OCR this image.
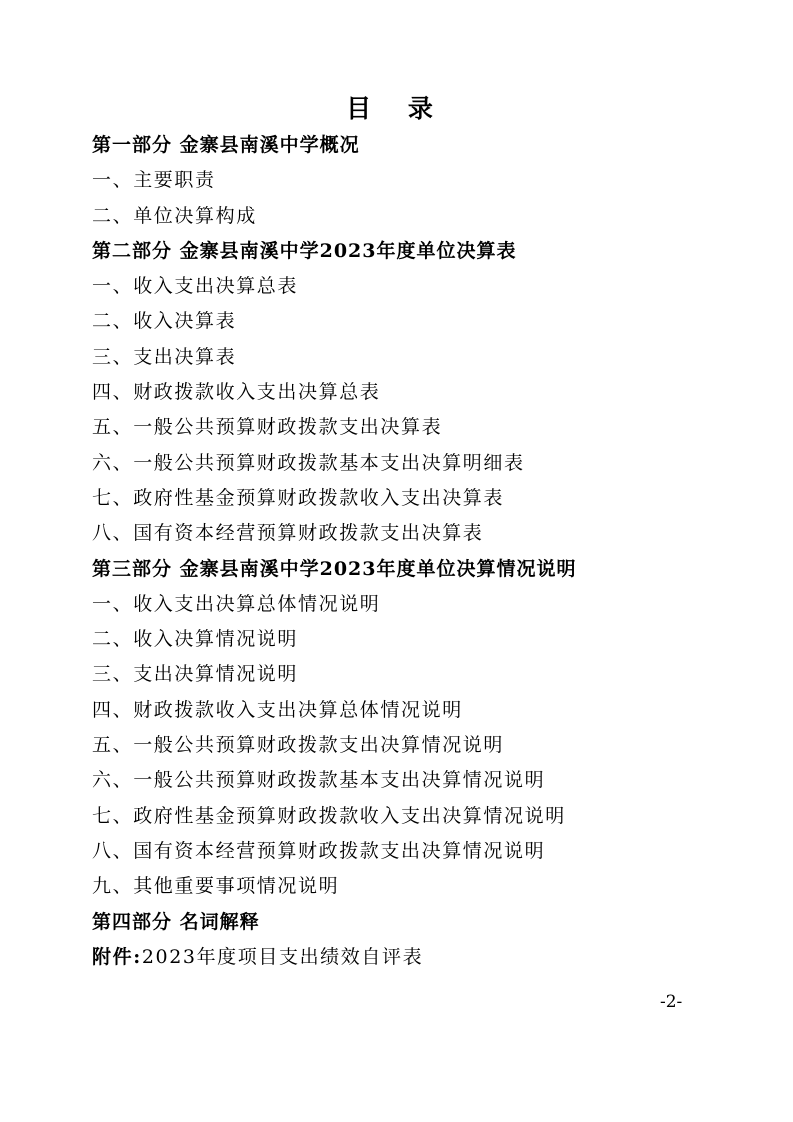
目 录
第一部分 金寨县南溪中学概况
一、主要职责
二、单位决算构成
第二部分 金寨县南溪中学2023年度单位决算表
一、收入支出决算总表
二、收入决算表
三、支出决算表
四、财政拨款收入支出决算总表
五、一般公共预算财政拨款支出决算表
六、一般公共预算财政拨款基本支出决算明细表
七、政府性基金预算财政拨款收入支出决算表
八、国有资本经营预算财政拨款支出决算表
第三部分 金寨县南溪中学2023年度单位决算情况说明
一、收入支出决算总体情况说明
二、收入决算情况说明
三、支出决算情况说明
四、财政拨款收入支出决算总体情况说明
五、一般公共预算财政拨款支出决算情况说明
六、一般公共预算财政拨款基本支出决算情况说明
七、政府性基金预算财政拨款收入支出决算情况说明
八、国有资本经营预算财政拨款支出决算情况说明
九、其他重要事项情况说明
第四部分 名词解释
附件:2023年度项目支出绩效自评表
-2-
